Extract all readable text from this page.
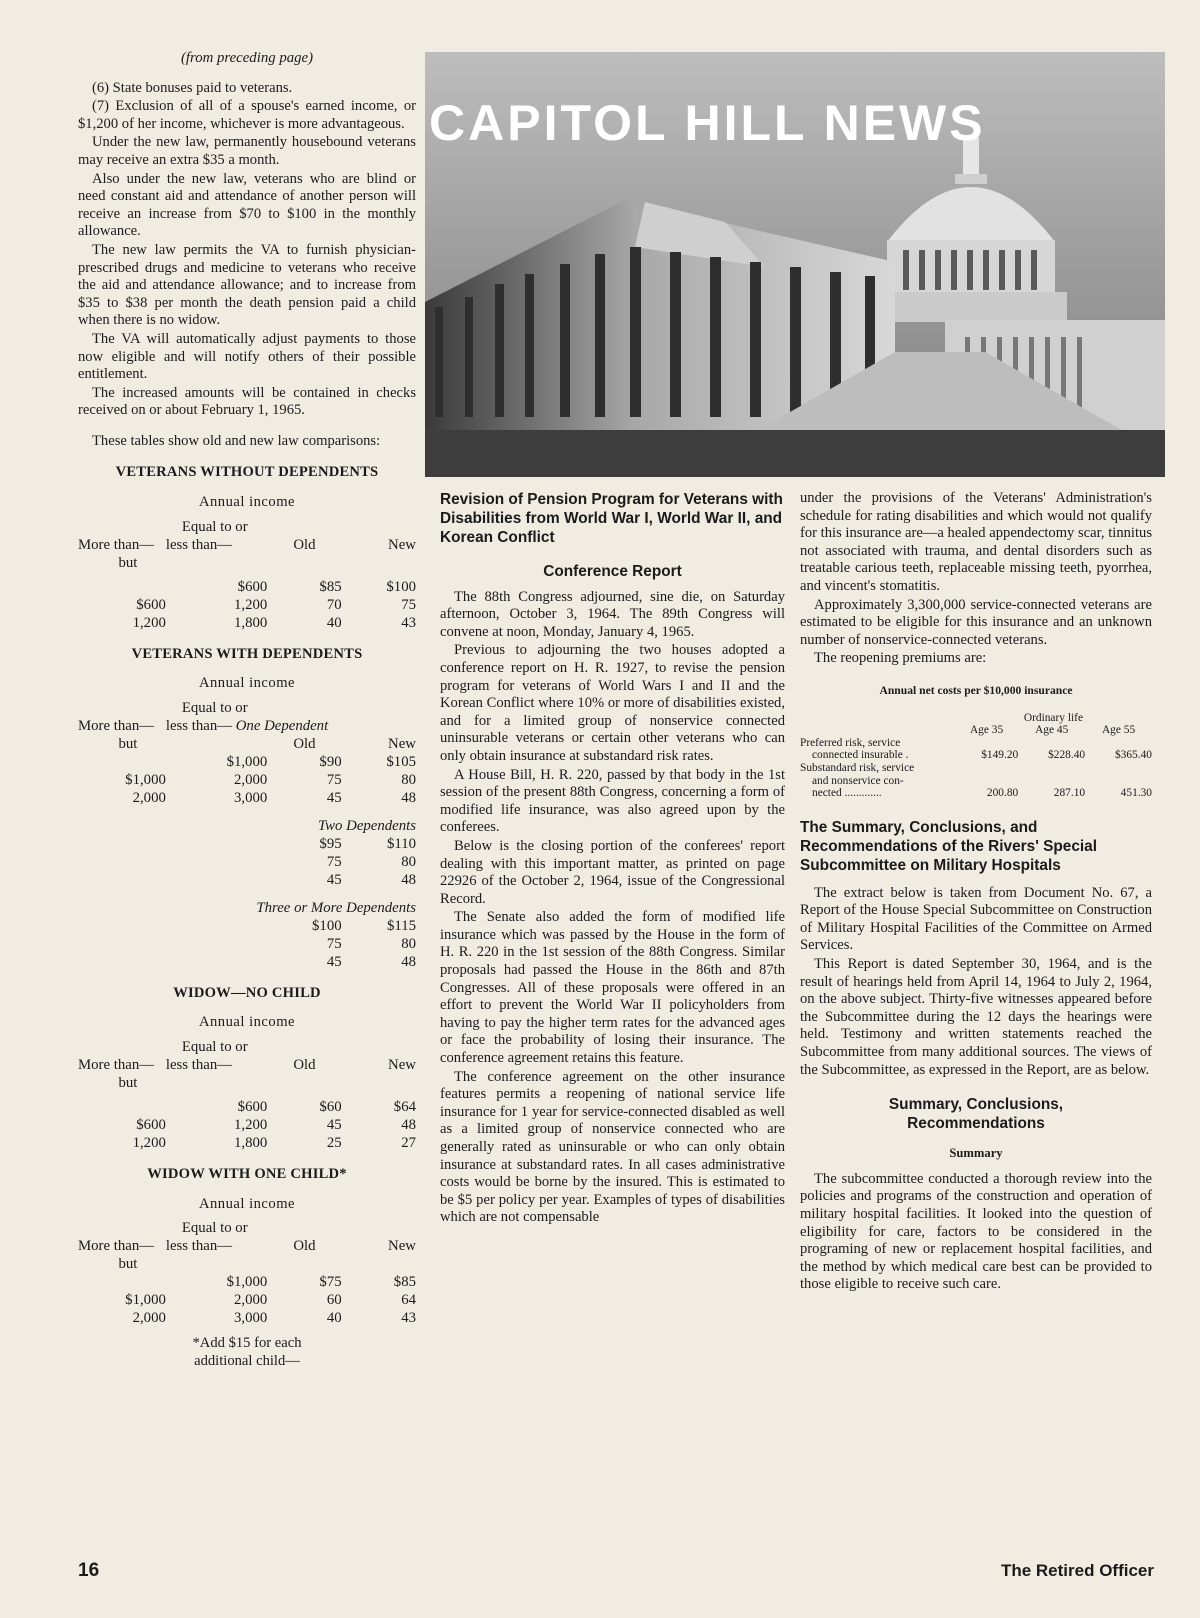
(from preceding page)

(6) State bonuses paid to veterans.

(7) Exclusion of all of a spouse's earned income, or $1,200 of her income, whichever is more advantageous.

Under the new law, permanently housebound veterans may receive an extra $35 a month.

Also under the new law, veterans who are blind or need constant aid and attendance of another person will receive an increase from $70 to $100 in the monthly allowance.

The new law permits the VA to furnish physician-prescribed drugs and medicine to veterans who receive the aid and attendance allowance; and to increase from $35 to $38 per month the death pension paid a child when there is no widow.

The VA will automatically adjust payments to those now eligible and will notify others of their possible entitlement.

The increased amounts will be contained in checks received on or about February 1, 1965.

These tables show old and new law comparisons:

VETERANS WITHOUT DEPENDENTS
Annual income
	Equal to or		
More than—	less than—	Old	New
but			

	$600	$85	$100
$600	1,200	70	75
1,200	1,800	40	43
VETERANS WITH DEPENDENTS
Annual income
	Equal to or		
More than—	less than— One Dependent		
but		Old	New
	$1,000	$90	$105
$1,000	2,000	75	80
2,000	3,000	45	48

		Two Dependents	
		$95	$110
		75	80
		45	48

	Three or More Dependents		
		$100	$115
		75	80
		45	48
WIDOW—NO CHILD
Annual income
	Equal to or		
More than—	less than—	Old	New
but			

	$600	$60	$64
$600	1,200	45	48
1,200	1,800	25	27
WIDOW WITH ONE CHILD*
Annual income
	Equal to or		
More than—	less than—	Old	New
but			
	$1,000	$75	$85
$1,000	2,000	60	64
2,000	3,000	40	43
*Add $15 for each
additional child—
CAPITOL HILL NEWS
Revision of Pension Program for Veterans with Disabilities from World War I, World War II, and Korean Conflict
Conference Report

The 88th Congress adjourned, sine die, on Saturday afternoon, October 3, 1964. The 89th Congress will convene at noon, Monday, January 4, 1965.

Previous to adjourning the two houses adopted a conference report on H. R. 1927, to revise the pension program for veterans of World Wars I and II and the Korean Conflict where 10% or more of disabilities existed, and for a limited group of nonservice connected uninsurable veterans or certain other veterans who can only obtain insurance at substandard risk rates.

A House Bill, H. R. 220, passed by that body in the 1st session of the present 88th Congress, concerning a form of modified life insurance, was also agreed upon by the conferees.

Below is the closing portion of the conferees' report dealing with this important matter, as printed on page 22926 of the October 2, 1964, issue of the Congressional Record.

The Senate also added the form of modified life insurance which was passed by the House in the form of H. R. 220 in the 1st session of the 88th Congress. Similar proposals had passed the House in the 86th and 87th Congresses. All of these proposals were offered in an effort to prevent the World War II policyholders from having to pay the higher term rates for the advanced ages or face the probability of losing their insurance. The conference agreement retains this feature.

The conference agreement on the other insurance features permits a reopening of national service life insurance for 1 year for service-connected disabled as well as a limited group of nonservice connected who are generally rated as uninsurable or who can only obtain insurance at substandard rates. In all cases administrative costs would be borne by the insured. This is estimated to be $5 per policy per year. Examples of types of disabilities which are not compensable

under the provisions of the Veterans' Administration's schedule for rating disabilities and which would not qualify for this insurance are—a healed appendectomy scar, tinnitus not associated with trauma, and dental disorders such as treatable carious teeth, replaceable missing teeth, pyorrhea, and vincent's stomatitis.

Approximately 3,300,000 service-connected veterans are estimated to be eligible for this insurance and an unknown number of nonservice-connected veterans.

The reopening premiums are:

Annual net costs per $10,000 insurance
	Ordinary life		
	Age 35	Age 45	Age 55
Preferred risk, service			
connected insurable .	$149.20	$228.40	$365.40
Substandard risk, service			
and nonservice con-			
nected .............	200.80	287.10	451.30
The Summary, Conclusions, and Recommendations of the Rivers' Special Subcommittee on Military Hospitals

The extract below is taken from Document No. 67, a Report of the House Special Subcommittee on Construction of Military Hospital Facilities of the Committee on Armed Services.

This Report is dated September 30, 1964, and is the result of hearings held from April 14, 1964 to July 2, 1964, on the above subject. Thirty-five witnesses appeared before the Subcommittee during the 12 days the hearings were held. Testimony and written statements reached the Subcommittee from many additional sources. The views of the Subcommittee, as expressed in the Report, are as below.

Summary, Conclusions,
Recommendations
Summary

The subcommittee conducted a thorough review into the policies and programs of the construction and operation of military hospital facilities. It looked into the question of eligibility for care, factors to be considered in the programing of new or replacement hospital facilities, and the method by which medical care best can be provided to those eligible to receive such care.

16	The Retired Officer
